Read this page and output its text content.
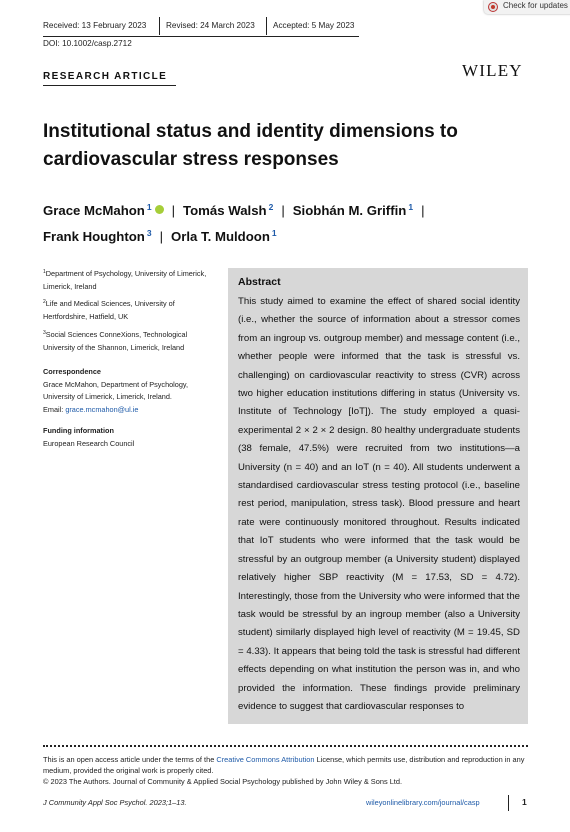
Check for updates
Received: 13 February 2023 Revised: 24 March 2023 Accepted: 5 May 2023
DOI: 10.1002/casp.2712
RESEARCH ARTICLE	WILEY
Institutional status and identity dimensions to cardiovascular stress responses
Grace McMahon $^1$ | Tomás Walsh $^2$ | Siobhán M. Griffin $^1$ |
Frank Houghton $^3$ | Orla T. Muldoon $^1$
$^1$Department of Psychology, University of Limerick, Limerick, Ireland
$^2$Life and Medical Sciences, University of Hertfordshire, Hatfield, UK
$^3$Social Sciences ConneXions, Technological University of the Shannon, Limerick, Ireland
Correspondence
Grace McMahon, Department of Psychology, University of Limerick, Limerick, Ireland.
Email: grace.mcmahon@ul.ie
Funding information
European Research Council
Abstract
This study aimed to examine the effect of shared social identity (i.e., whether the source of information about a stressor comes from an ingroup vs. outgroup member) and message content (i.e., whether people were informed that the task is stressful vs. challenging) on cardiovascular reactivity to stress (CVR) across two higher education institutions differing in status (University vs. Institute of Technology [IoT]). The study employed a quasi-experimental 2 × 2 × 2 design. 80 healthy undergraduate students (38 female, 47.5%) were recruited from two institutions—a University (n = 40) and an IoT (n = 40). All students underwent a standardised cardiovascular stress testing protocol (i.e., baseline rest period, manipulation, stress task). Blood pressure and heart rate were continuously monitored throughout. Results indicated that IoT students who were informed that the task would be stressful by an outgroup member (a University student) displayed relatively higher SBP reactivity (M = 17.53, SD = 4.72). Interestingly, those from the University who were informed that the task would be stressful by an ingroup member (also a University student) similarly displayed high level of reactivity (M = 19.45, SD = 4.33). It appears that being told the task is stressful had different effects depending on what institution the person was in, and who provided the information. These findings provide preliminary evidence to suggest that cardiovascular responses to
This is an open access article under the terms of the Creative Commons Attribution License, which permits use, distribution and reproduction in any medium, provided the original work is properly cited.
© 2023 The Authors. Journal of Community & Applied Social Psychology published by John Wiley & Sons Ltd.
J Community Appl Soc Psychol. 2023;1–13.	wileyonlinelibrary.com/journal/casp	1
